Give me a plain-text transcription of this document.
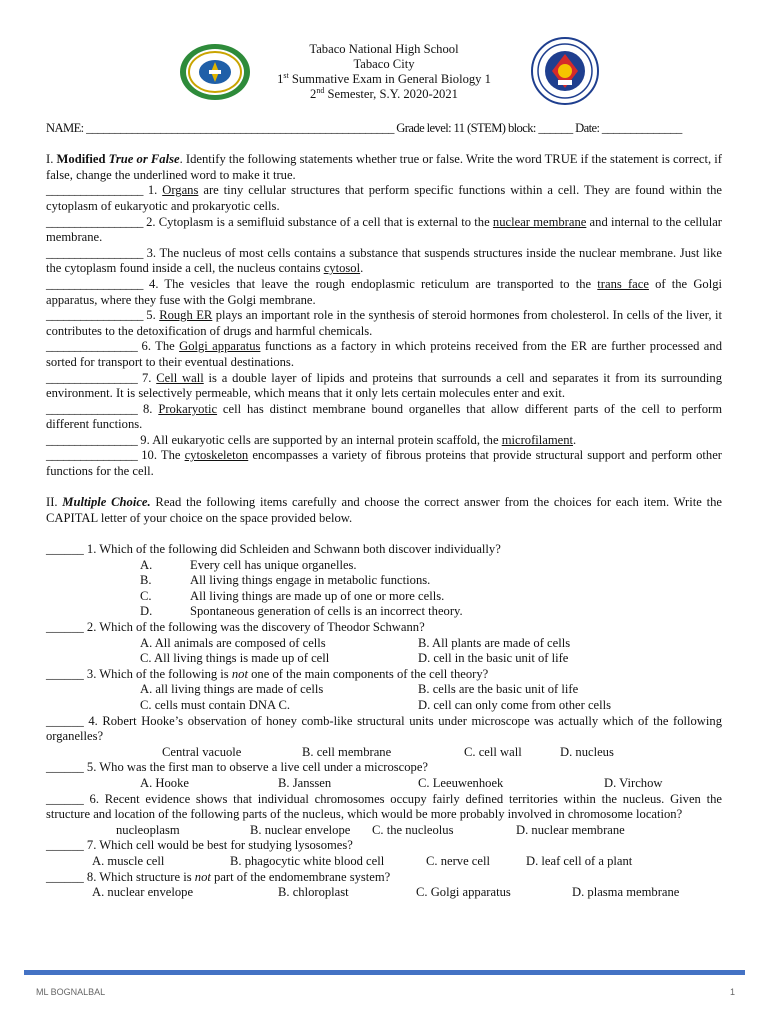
Tabaco National High School
Tabaco City
1st Summative Exam in General Biology 1
2nd Semester, S.Y. 2020-2021

NAME: ______________________________________________________ Grade level: 11 (STEM) block: ______ Date: ______________

I. Modified True or False. Identify the following statements whether true or false. Write the word TRUE if the statement is correct, if false, change the underlined word to make it true.

_________________ 1. Organs are tiny cellular structures that perform specific functions within a cell. They are found within the cytoplasm of eukaryotic and prokaryotic cells.

_________________ 2. Cytoplasm is a semifluid substance of a cell that is external to the nuclear membrane and internal to the cellular membrane.

_________________ 3. The nucleus of most cells contains a substance that suspends structures inside the nuclear membrane. Just like the cytoplasm found inside a cell, the nucleus contains cytosol.

_________________ 4. The vesicles that leave the rough endoplasmic reticulum are transported to the trans face of the Golgi apparatus, where they fuse with the Golgi membrane.

_________________ 5. Rough ER plays an important role in the synthesis of steroid hormones from cholesterol. In cells of the liver, it contributes to the detoxification of drugs and harmful chemicals.

________________ 6. The Golgi apparatus functions as a factory in which proteins received from the ER are further processed and sorted for transport to their eventual destinations.

________________ 7. Cell wall is a double layer of lipids and proteins that surrounds a cell and separates it from its surrounding environment. It is selectively permeable, which means that it only lets certain molecules enter and exit.

________________ 8. Prokaryotic cell has distinct membrane bound organelles that allow different parts of the cell to perform different functions.

________________ 9. All eukaryotic cells are supported by an internal protein scaffold, the microfilament.

________________ 10. The cytoskeleton encompasses a variety of fibrous proteins that provide structural support and perform other functions for the cell.

II. Multiple Choice. Read the following items carefully and choose the correct answer from the choices for each item. Write the CAPITAL letter of your choice on the space provided below.

______ 1. Which of the following did Schleiden and Schwann both discover individually?

A.	Every cell has unique organelles.
B.	All living things engage in metabolic functions.
C.	All living things are made up of one or more cells.
D.	Spontaneous generation of cells is an incorrect theory.

______ 2. Which of the following was the discovery of Theodor Schwann?

A. All animals are composed of cells	B. All plants are made of cells
C. All living things is made up of cell	D. cell in the basic unit of life

______ 3. Which of the following is not one of the main components of the cell theory?

A. all living things are made of cells	B. cells are the basic unit of life
C. cells must contain DNA C.	D. cell can only come from other cells

______ 4. Robert Hooke’s observation of honey comb-like structural units under microscope was actually which of the following organelles?

Central vacuole	B. cell membrane	C. cell wall	D. nucleus

______ 5. Who was the first man to observe a live cell under a microscope?

A. Hooke	B. Janssen	C. Leeuwenhoek	D. Virchow

______ 6. Recent evidence shows that individual chromosomes occupy fairly defined territories within the nucleus. Given the structure and location of the following parts of the nucleus, which would be more probably involved in chromosome location?

nucleoplasm	B. nuclear envelope	C. the nucleolus	D. nuclear membrane

______ 7. Which cell would be best for studying lysosomes?

A. muscle cell	B. phagocytic white blood cell	C. nerve cell	D. leaf cell of a plant

______ 8. Which structure is not part of the endomembrane system?

A. nuclear envelope	B. chloroplast	C. Golgi apparatus	D. plasma membrane
ML BOGNALBAL	1
